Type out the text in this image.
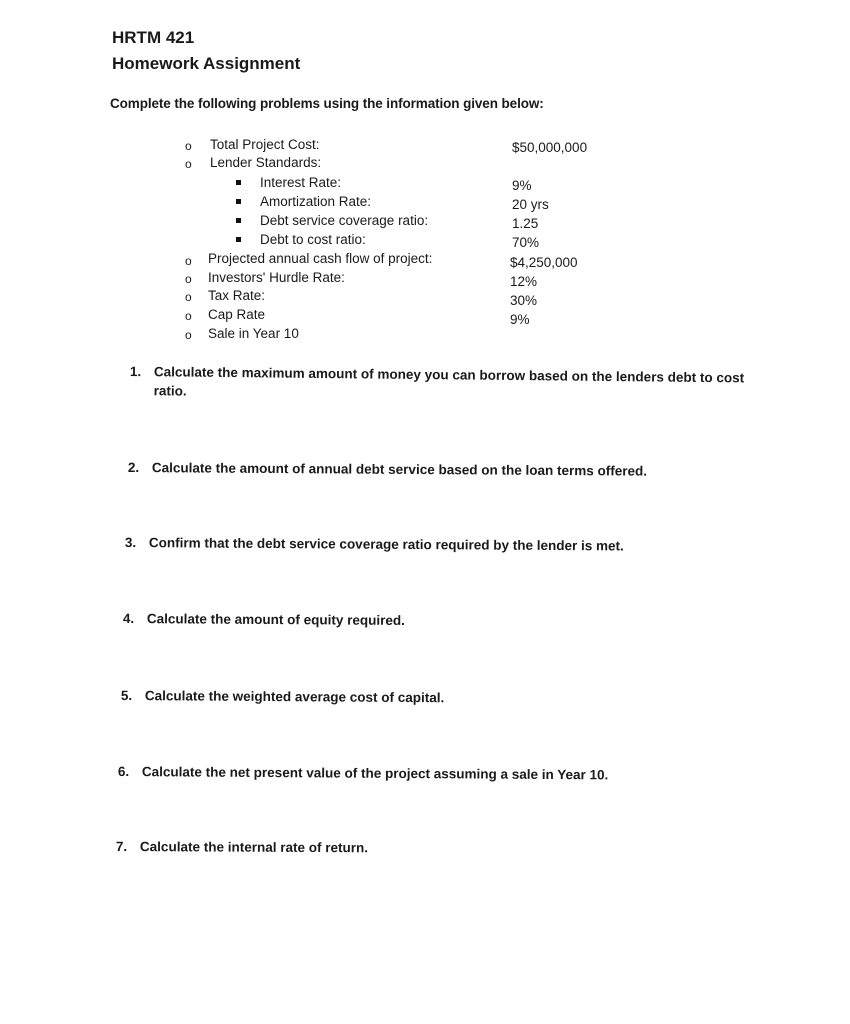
HRTM 421
Homework Assignment
Complete the following problems using the information given below:
o Total Project Cost:	$50,000,000
o Lender Standards:
Interest Rate:	9%
Amortization Rate:	20 yrs
Debt service coverage ratio:	1.25
Debt to cost ratio:	70%
o Projected annual cash flow of project:	$4,250,000
o Investors' Hurdle Rate:	12%
o Tax Rate:	30%
o Cap Rate	9%
o Sale in Year 10
1. Calculate the maximum amount of money you can borrow based on the lenders debt to cost
ratio.
2. Calculate the amount of annual debt service based on the loan terms offered.
3. Confirm that the debt service coverage ratio required by the lender is met.
4. Calculate the amount of equity required.
5. Calculate the weighted average cost of capital.
6. Calculate the net present value of the project assuming a sale in Year 10.
7. Calculate the internal rate of return.
